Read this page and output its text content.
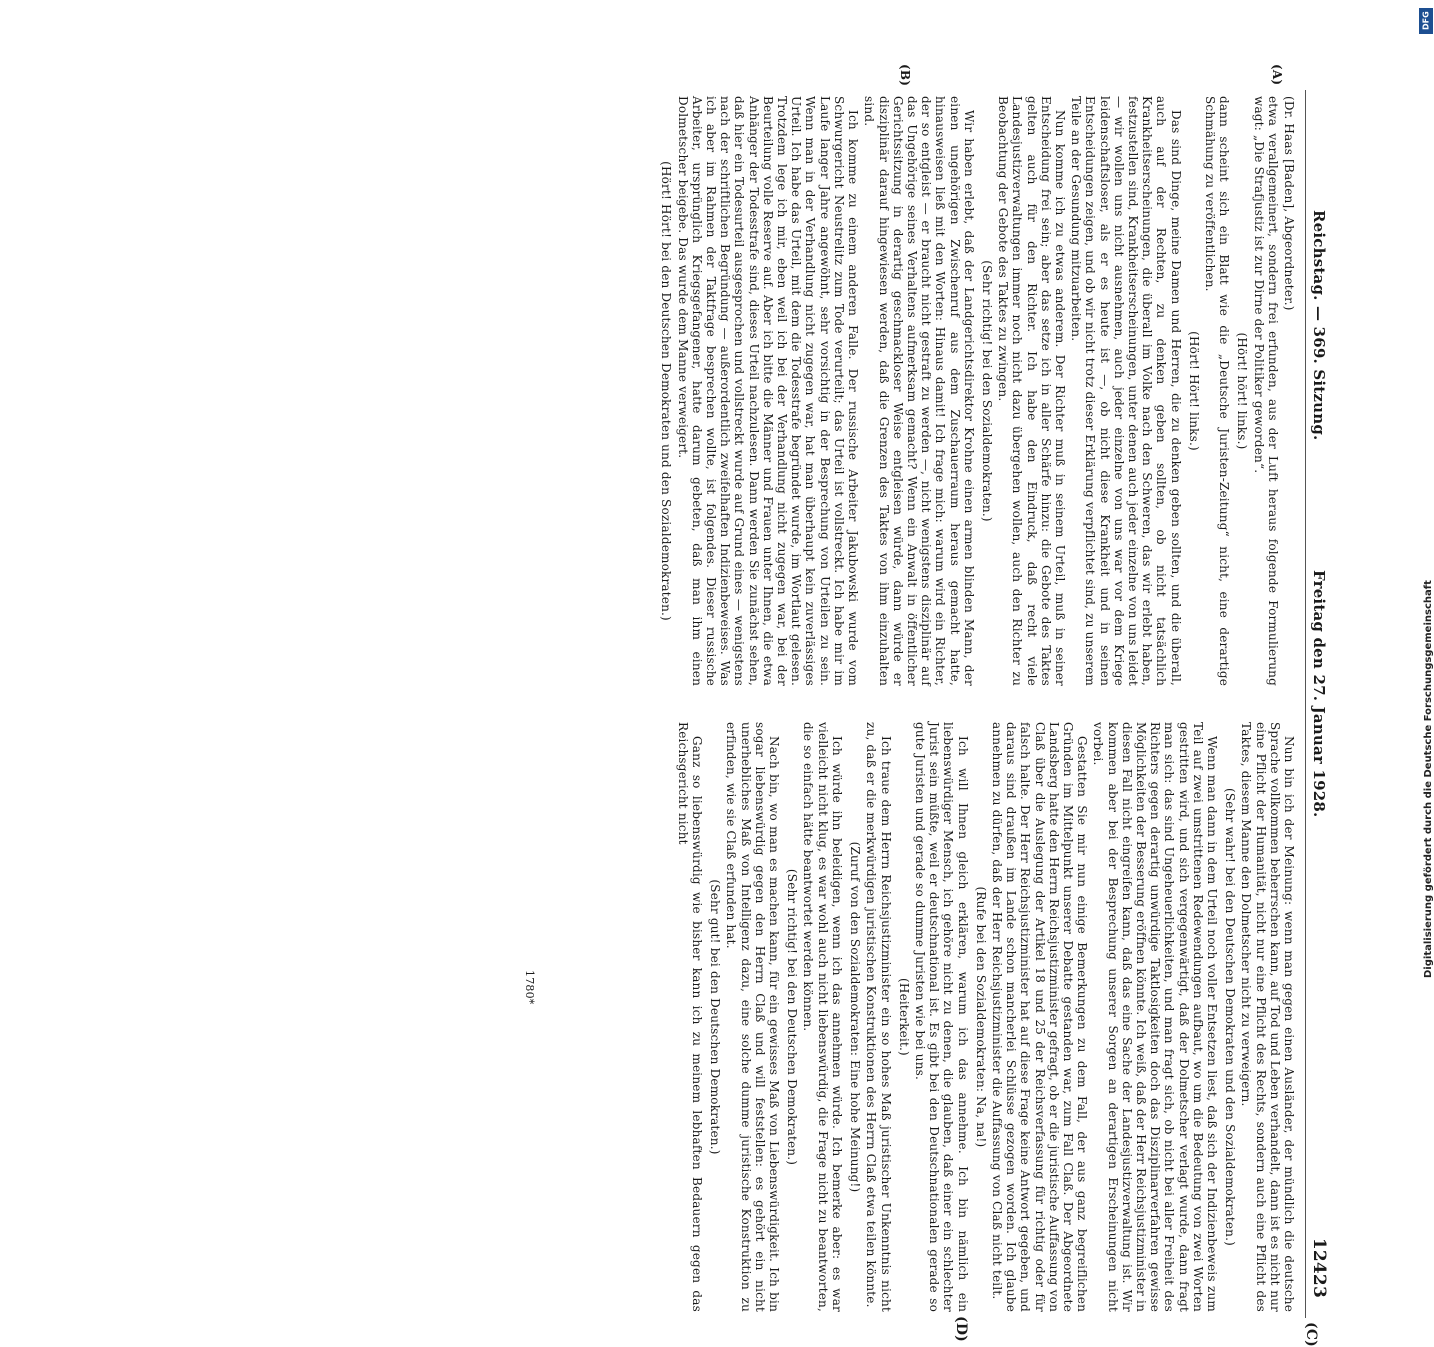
Reichstag. — 369. Sitzung.
Freitag den 27. Januar 1928.
12423
(A)
(B)
(C)
(D)

(Dr. Haas [Baden], Abgeordneter.)

etwa verallgemeinert, sondern frei erfunden, aus der Luft heraus folgende Formulierung wagt: „Die Strafjustiz ist zur Dirne der Politiker geworden“.

(Hört! hört! links.)

dann scheint sich ein Blatt wie die „Deutsche Juristen-Zeitung“ nicht, eine derartige Schmähung zu veröffentlichen.

(Hört! Hört! links.)

Das sind Dinge, meine Damen und Herren, die zu denken geben sollten, und die überall, auch auf der Rechten, zu denken geben sollten, ob nicht tatsächlich Krankheitserscheinungen, die überall im Volke nach den Schweren, das wir erlebt haben, festzustellen sind, Krankheitserscheinungen, unter denen auch jeder einzelne von uns leidet — wir wollen uns nicht ausnehmen, auch jeder einzelne von uns war vor dem Kriege leidenschaftsloser, als er es heute ist —, ob nicht diese Krankheit und in seinen Entscheidungen zeigen, und ob wir nicht trotz dieser Erklärung verpflichtet sind, zu unserem Teile an der Gesundung mitzuarbeiten.

Nun komme ich zu etwas anderem. Der Richter muß in seinem Urteil, muß in seiner Entscheidung frei sein; aber das setze ich in aller Schärfe hinzu: die Gebote des Taktes gelten auch für den Richter. Ich habe den Eindruck, daß recht viele Landesjustizverwaltungen immer noch nicht dazu übergehen wollen, auch den Richter zu Beobachtung der Gebote des Taktes zu zwingen.

(Sehr richtig! bei den Sozialdemokraten.)

Wir haben erlebt, daß der Landgerichtsdirektor Krohne einen armen blinden Mann, der einen ungehörigen Zwischenruf aus dem Zuschauerraum heraus gemacht hatte, hinausweisen ließ mit den Worten: Hinaus damit! Ich frage mich: warum wird ein Richter, der so entgleist — er braucht nicht gestraft zu werden —, nicht wenigstens disziplinär auf das Ungehörige seines Verhaltens aufmerksam gemacht? Wenn ein Anwalt in öffentlicher Gerichtssitzung in derartig geschmackloser Weise entgleisen würde, dann würde er disziplinär darauf hingewiesen werden, daß die Grenzen des Taktes von ihm einzuhalten sind.

Ich komme zu einem anderen Falle. Der russische Arbeiter Jakubowski wurde vom Schwurgericht Neustrelitz zum Tode verurteilt; das Urteil ist vollstreckt. Ich habe mir im Laufe langer Jahre angewöhnt, sehr vorsichtig in der Besprechung von Urteilen zu sein. Wenn man in der Verhandlung nicht zugegen war, hat man überhaupt kein zuverlässiges Urteil. Ich habe das Urteil, mit dem die Todesstrafe begründet wurde, im Wortlaut gelesen. Trotzdem lege ich mir, eben weil ich bei der Verhandlung nicht zugegen war, bei der Beurteilung volle Reserve auf. Aber ich bitte die Männer und Frauen unter Ihnen, die etwa Anhänger der Todesstrafe sind, dieses Urteil nachzulesen. Dann werden Sie zunächst sehen, daß hier ein Todesurteil ausgesprochen und vollstreckt wurde auf Grund eines — wenigstens nach der schriftlichen Begründung — außerordentlich zweifelhaften Indizienbeweises. Was ich aber im Rahmen der Taktfrage besprechen wollte, ist folgendes. Dieser russische Arbeiter, ursprünglich Kriegsgefangener, hatte darum gebeten, daß man ihm einen Dolmetscher beigebe. Das wurde dem Manne verweigert.

(Hört! Hört! bei den Deutschen Demokraten und den Sozialdemokraten.)

Nun bin ich der Meinung: wenn man gegen einen Ausländer, der mündlich die deutsche Sprache vollkommen beherrschen kann, auf Tod und Leben verhandelt, dann ist es nicht nur eine Pflicht der Humanität, nicht nur eine Pflicht des Rechts, sondern auch eine Pflicht des Taktes, diesem Manne den Dolmetscher nicht zu verweigern.

(Sehr wahr! bei den Deutschen Demokraten und den Sozialdemokraten.)

Wenn man dann in dem Urteil noch voller Entsetzen liest, daß sich der Indizienbeweis zum Teil auf zwei umstrittenen Redewendungen aufbaut, wo um die Bedeutung von zwei Worten gestritten wird, und sich vergegenwärtigt, daß der Dolmetscher verlagt wurde, dann fragt man sich: das sind Ungeheuerlichkeiten, und man fragt sich, ob nicht bei aller Freiheit des Richters gegen derartig unwürdige Taktlosigkeiten doch das Disziplinarverfahren gewisse Möglichkeiten der Besserung eröffnen könnte. Ich weiß, daß der Herr Reichsjustizminister in diesen Fall nicht eingreifen kann, daß das eine Sache der Landesjustizverwaltung ist. Wir kommen aber bei der Besprechung unserer Sorgen an derartigen Erscheinungen nicht vorbei.

Gestatten Sie mir nun einige Bemerkungen zu dem Fall, der aus ganz begreiflichen Gründen im Mittelpunkt unserer Debatte gestanden war, zum Fall Claß. Der Abgeordnete Landsberg hatte den Herrn Reichsjustizminister gefragt, ob er die juristische Auffassung von Claß über die Auslegung der Artikel 18 und 25 der Reichsverfassung für richtig oder für falsch halte. Der Herr Reichsjustizminister hat auf diese Frage keine Antwort gegeben, und daraus sind draußen im Lande schon mancherlei Schlüsse gezogen worden. Ich glaube annehmen zu dürfen, daß der Herr Reichsjustizminister die Auffassung von Claß nicht teilt.

(Rufe bei den Sozialdemokraten: Na, na!)

Ich will Ihnen gleich erklären, warum ich das annehme. Ich bin nämlich ein liebenswürdiger Mensch, ich gehöre nicht zu denen, die glauben, daß einer ein schlechter Jurist sein müßte, weil er deutschnational ist. Es gibt bei den Deutschnationalen gerade so gute Juristen und gerade so dumme Juristen wie bei uns.

(Heiterkeit.)

Ich traue dem Herrn Reichsjustizminister ein so hohes Maß juristischer Unkenntnis nicht zu, daß er die merkwürdigen juristischen Konstruktionen des Herrn Claß etwa teilen könnte.

(Zuruf von den Sozialdemokraten: Eine hohe Meinung!)

Ich würde ihn beleidigen, wenn ich das annehmen würde. Ich bemerke aber: es war vielleicht nicht klug, es war wohl auch nicht liebenswürdig, die Frage nicht zu beantworten, die so einfach hätte beantwortet werden können.

(Sehr richtig! bei den Deutschen Demokraten.)

Nach bin, wo man es machen kann, für ein gewisses Maß von Liebenswürdigkeit. Ich bin sogar liebenswürdig gegen den Herrn Claß und will feststellen: es gehört ein nicht unerhebliches Maß von Intelligenz dazu, eine solche dumme juristische Konstruktion zu erfinden, wie sie Claß erfunden hat.

(Sehr gut! bei den Deutschen Demokraten.)

Ganz so liebenswürdig wie bisher kann ich zu meinem lebhaften Bedauern gegen das Reichsgericht nicht

1780*
DFG
Digitalisierung gefördert durch die Deutsche Forschungsgemeinschaft
